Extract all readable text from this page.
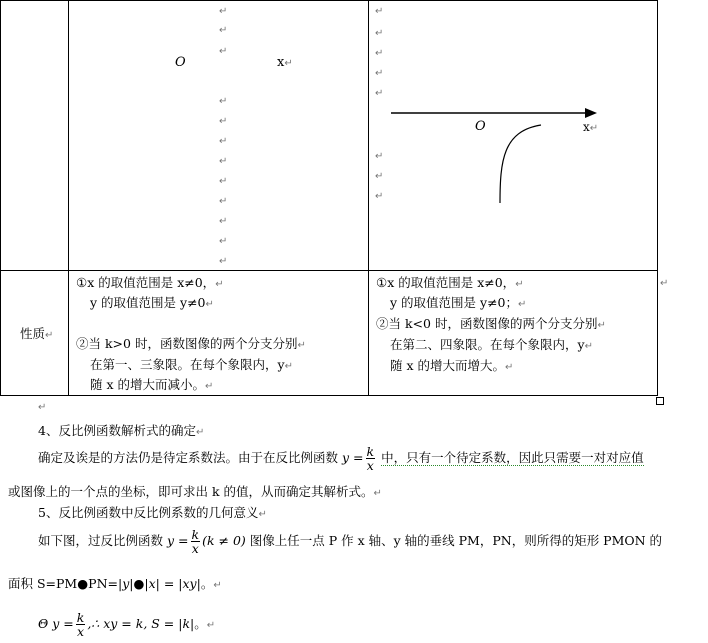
↵
↵
↵
↵
↵
↵
↵
↵
↵
↵
↵
↵
O	x↵
↵
↵
↵
↵
↵
↵
↵
↵
O	x↵
性质↵
①x 的取值范围是 x≠0，↵
y 的取值范围是 y≠0↵
②当 k>0 时，函数图像的两个分支分别↵
在第一、三象限。在每个象限内，y↵
随 x 的增大而减小。↵
①x 的取值范围是 x≠0，↵
y 的取值范围是 y≠0；↵
②当 k<0 时，函数图像的两个分支分别↵
在第二、四象限。在每个象限内，y↵
随 x 的增大而增大。↵
↵
↵
4、反比例函数解析式的确定↵
确定及诶是的方法仍是待定系数法。由于在反比例函数 $y = \frac{k}{x}$ 中，只有一个待定系数，因此只需要一对对应值
或图像上的一个点的坐标，即可求出 k 的值，从而确定其解析式。↵
5、反比例函数中反比例系数的几何意义↵
如下图，过反比例函数 $y = \frac{k}{x} (k \ne 0)$ 图像上任一点 P 作 x 轴、y 轴的垂线 PM，PN，则所得的矩形 PMON 的
面积 S=PM●PN=|y|●|x| = |xy|。↵
Θ $y = \frac{k}{x}$ ,∴ xy = k, S = |k|。↵
